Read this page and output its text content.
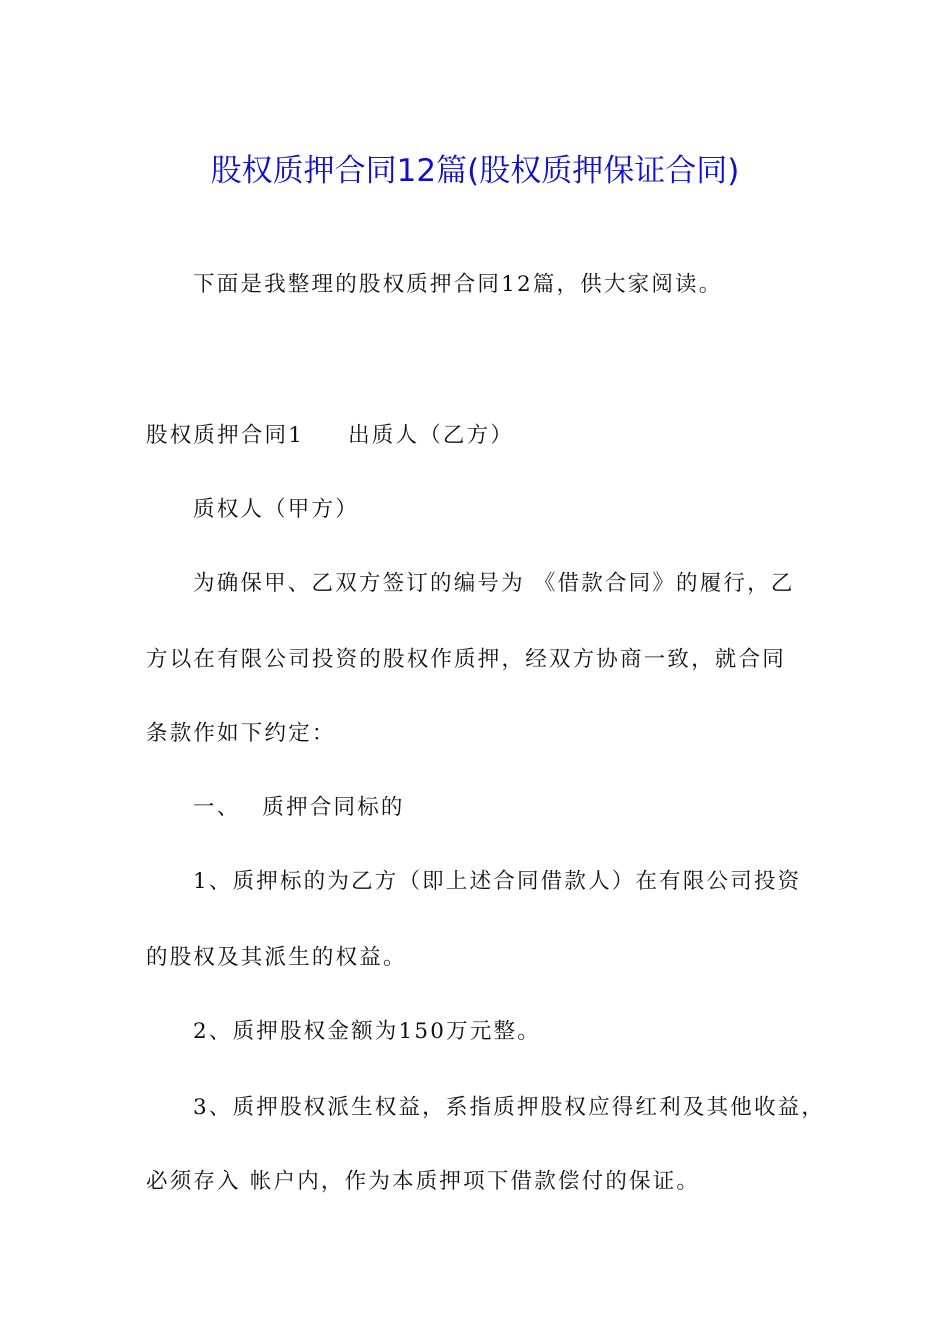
股权质押合同12篇(股权质押保证合同)
下面是我整理的股权质押合同12篇，供大家阅读。
股权质押合同1 出质人（乙方）
质权人（甲方）
为确保甲、乙双方签订的编号为 《借款合同》的履行，乙
方以在有限公司投资的股权作质押，经双方协商一致，就合同
条款作如下约定：
一、 质押合同标的
1、质押标的为乙方（即上述合同借款人）在有限公司投资
的股权及其派生的权益。
2、质押股权金额为150万元整。
3、质押股权派生权益，系指质押股权应得红利及其他收益，
必须存入 帐户内，作为本质押项下借款偿付的保证。
